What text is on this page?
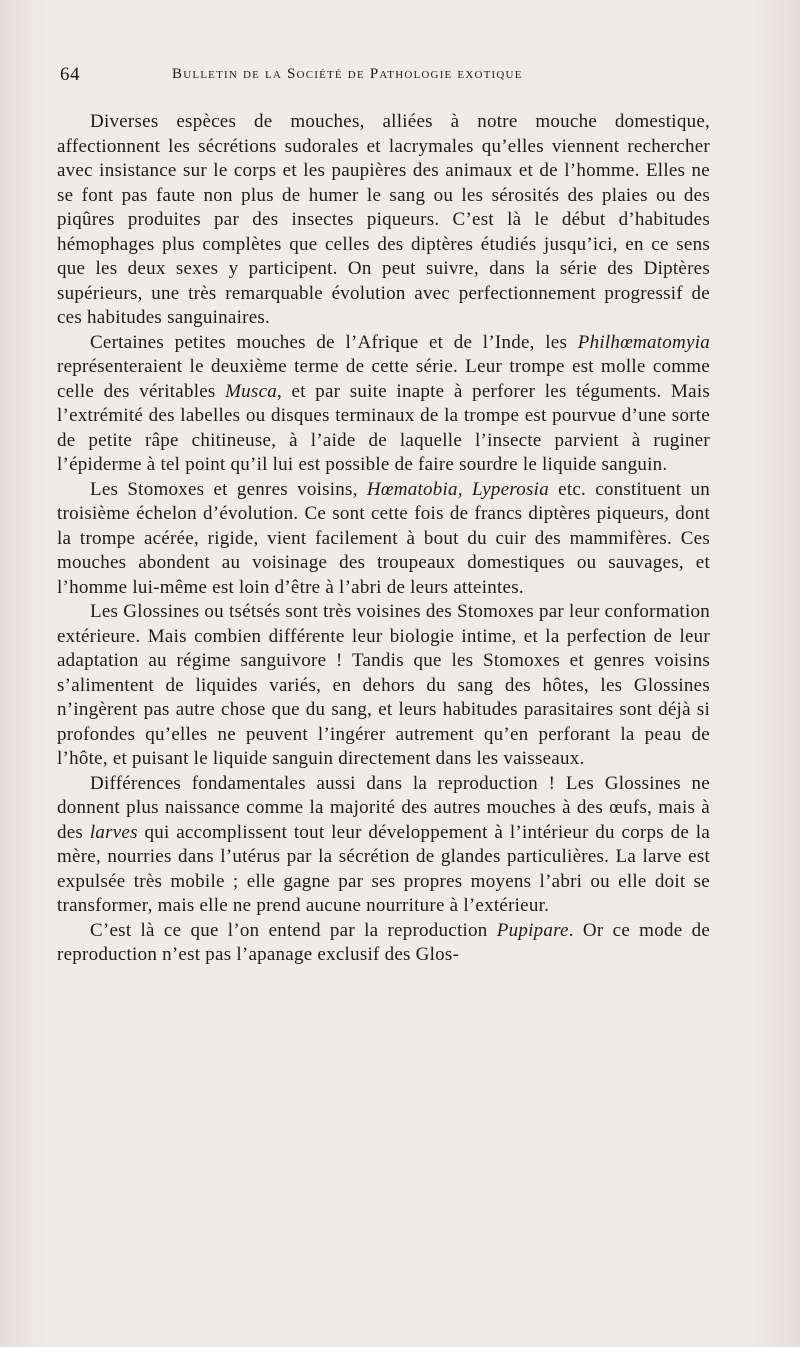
64	Bulletin de la Société de Pathologie exotique

Diverses espèces de mouches, alliées à notre mouche domestique, affectionnent les sécrétions sudorales et lacrymales qu’elles viennent rechercher avec insistance sur le corps et les paupières des animaux et de l’homme. Elles ne se font pas faute non plus de humer le sang ou les sérosités des plaies ou des piqûres produites par des insectes piqueurs. C’est là le début d’habitudes hémophages plus complètes que celles des diptères étudiés jusqu’ici, en ce sens que les deux sexes y participent. On peut suivre, dans la série des Diptères supérieurs, une très remarquable évolution avec perfectionnement progressif de ces habitudes sanguinaires.

Certaines petites mouches de l’Afrique et de l’Inde, les Philhœmatomyia représenteraient le deuxième terme de cette série. Leur trompe est molle comme celle des véritables Musca, et par suite inapte à perforer les téguments. Mais l’extrémité des labelles ou disques terminaux de la trompe est pourvue d’une sorte de petite râpe chitineuse, à l’aide de laquelle l’insecte parvient à ruginer l’épiderme à tel point qu’il lui est possible de faire sourdre le liquide sanguin.

Les Stomoxes et genres voisins, Hœmatobia, Lyperosia etc. constituent un troisième échelon d’évolution. Ce sont cette fois de francs diptères piqueurs, dont la trompe acérée, rigide, vient facilement à bout du cuir des mammifères. Ces mouches abondent au voisinage des troupeaux domestiques ou sauvages, et l’homme lui-même est loin d’être à l’abri de leurs atteintes.

Les Glossines ou tsétsés sont très voisines des Stomoxes par leur conformation extérieure. Mais combien différente leur biologie intime, et la perfection de leur adaptation au régime sanguivore ! Tandis que les Stomoxes et genres voisins s’alimentent de liquides variés, en dehors du sang des hôtes, les Glossines n’ingèrent pas autre chose que du sang, et leurs habitudes parasitaires sont déjà si profondes qu’elles ne peuvent l’ingérer autrement qu’en perforant la peau de l’hôte, et puisant le liquide sanguin directement dans les vaisseaux.

Différences fondamentales aussi dans la reproduction ! Les Glossines ne donnent plus naissance comme la majorité des autres mouches à des œufs, mais à des larves qui accomplissent tout leur développement à l’intérieur du corps de la mère, nourries dans l’utérus par la sécrétion de glandes particulières. La larve est expulsée très mobile ; elle gagne par ses propres moyens l’abri ou elle doit se transformer, mais elle ne prend aucune nourriture à l’extérieur.

C’est là ce que l’on entend par la reproduction Pupipare. Or ce mode de reproduction n’est pas l’apanage exclusif des Glos-
